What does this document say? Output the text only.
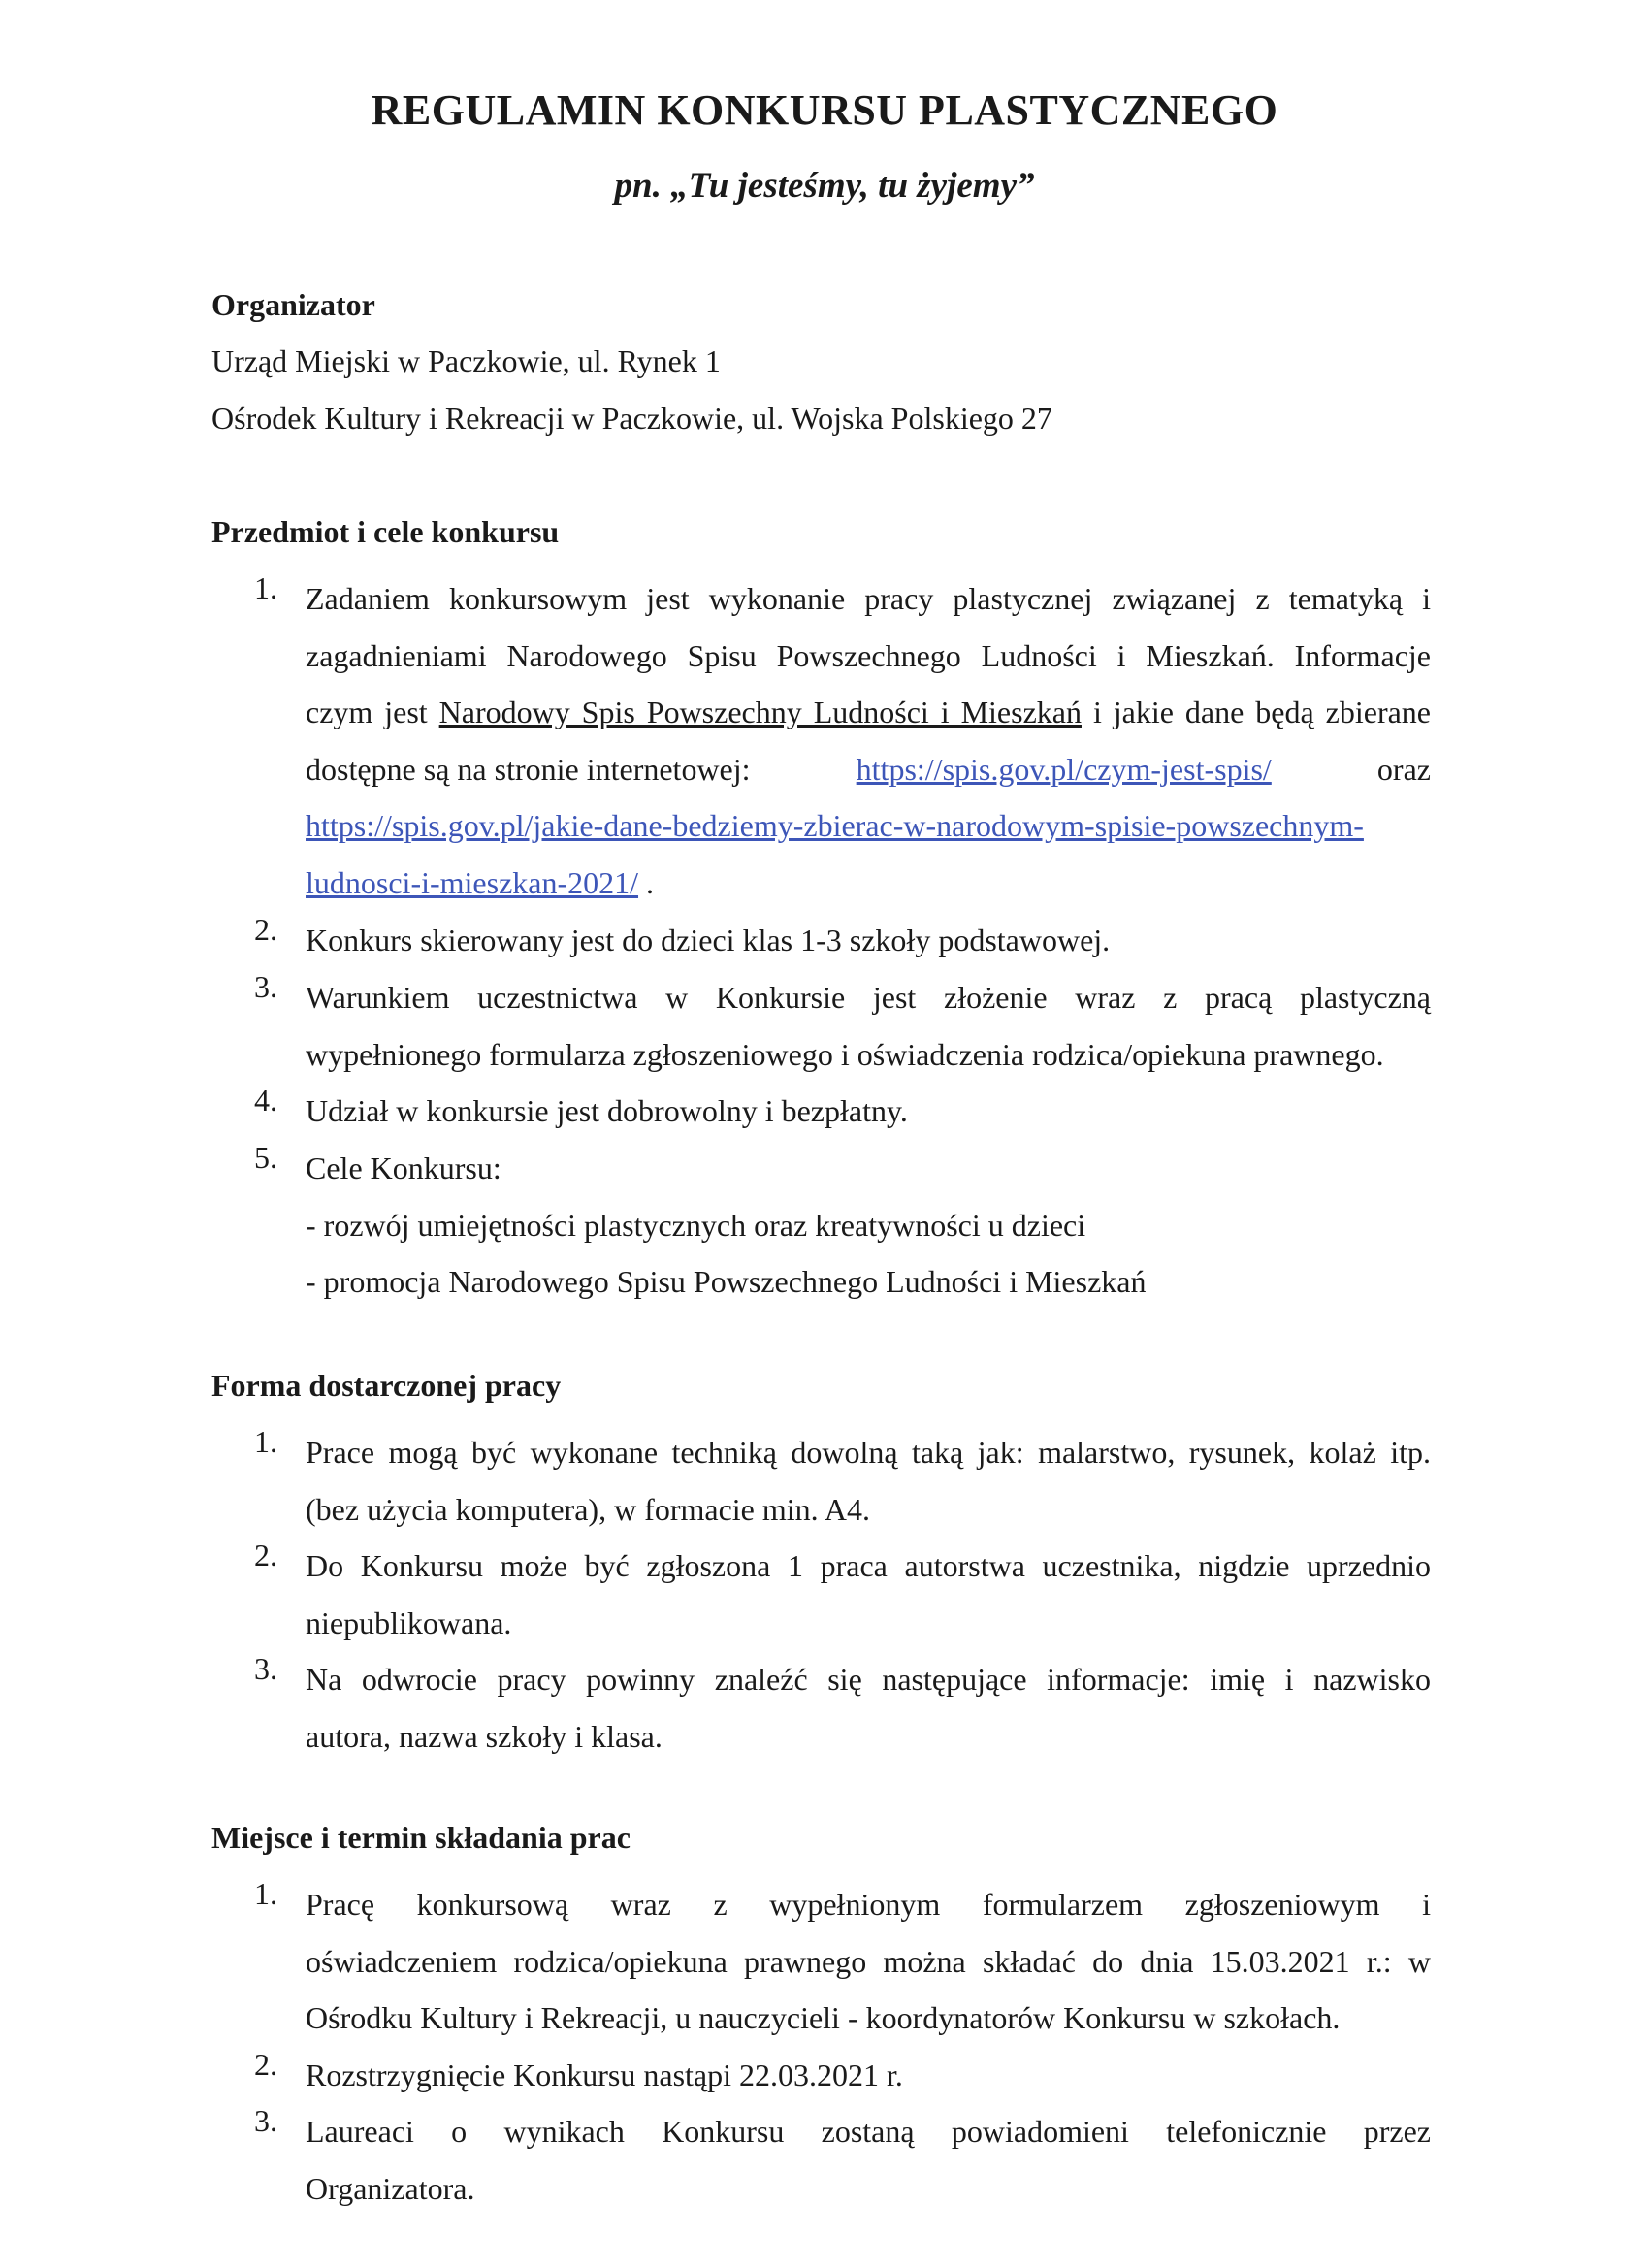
REGULAMIN KONKURSU PLASTYCZNEGO
pn. „Tu jesteśmy, tu żyjemy”
Organizator
Urząd Miejski w Paczkowie, ul. Rynek 1
Ośrodek Kultury i Rekreacji w Paczkowie, ul. Wojska Polskiego 27
Przedmiot i cele konkursu
1. Zadaniem konkursowym jest wykonanie pracy plastycznej związanej z tematyką i
zagadnieniami Narodowego Spisu Powszechnego Ludności i Mieszkań. Informacje
czym jest Narodowy Spis Powszechny Ludności i Mieszkań i jakie dane będą zbierane
dostępne są na stronie internetowej:	https://spis.gov.pl/czym-jest-spis/	oraz
https://spis.gov.pl/jakie-dane-bedziemy-zbierac-w-narodowym-spisie-powszechnym-
ludnosci-i-mieszkan-2021/ .
2. Konkurs skierowany jest do dzieci klas 1-3 szkoły podstawowej.
3. Warunkiem uczestnictwa w Konkursie jest złożenie wraz z pracą plastyczną
wypełnionego formularza zgłoszeniowego i oświadczenia rodzica/opiekuna prawnego.
4. Udział w konkursie jest dobrowolny i bezpłatny.
5. Cele Konkursu:
- rozwój umiejętności plastycznych oraz kreatywności u dzieci
- promocja Narodowego Spisu Powszechnego Ludności i Mieszkań
Forma dostarczonej pracy
1. Prace mogą być wykonane techniką dowolną taką jak: malarstwo, rysunek, kolaż itp.
(bez użycia komputera), w formacie min. A4.
2. Do Konkursu może być zgłoszona 1 praca autorstwa uczestnika, nigdzie uprzednio
niepublikowana.
3. Na odwrocie pracy powinny znaleźć się następujące informacje: imię i nazwisko
autora, nazwa szkoły i klasa.
Miejsce i termin składania prac
1. Pracę konkursową wraz z wypełnionym formularzem zgłoszeniowym i
oświadczeniem rodzica/opiekuna prawnego można składać do dnia 15.03.2021 r.: w
Ośrodku Kultury i Rekreacji, u nauczycieli - koordynatorów Konkursu w szkołach.
2. Rozstrzygnięcie Konkursu nastąpi 22.03.2021 r.
3. Laureaci o wynikach Konkursu zostaną powiadomieni telefonicznie przez
Organizatora.
